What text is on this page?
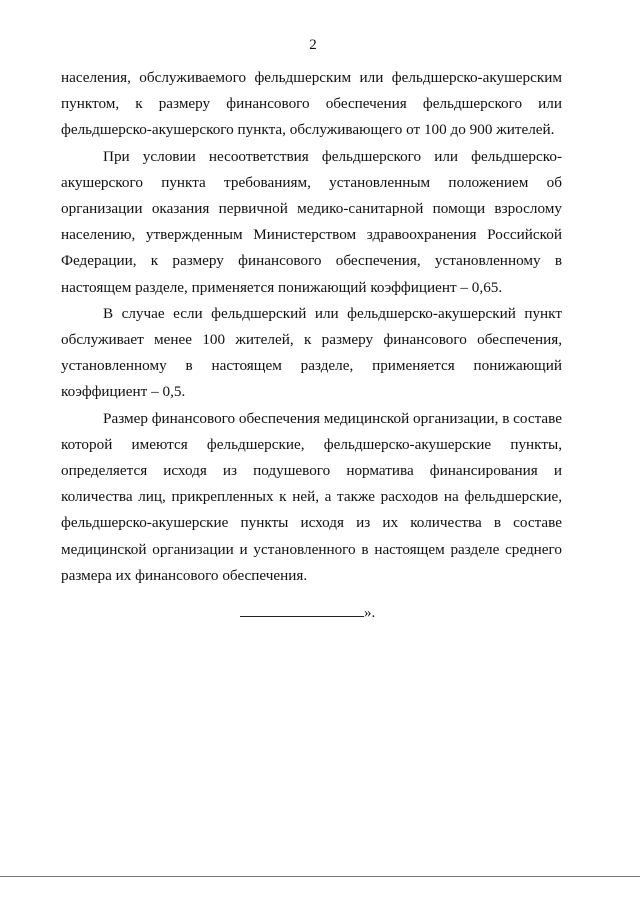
2

населения, обслуживаемого фельдшерским или фельдшерско-акушерским пунктом, к размеру финансового обеспечения фельдшерского или фельдшерско-акушерского пункта, обслуживающего от 100 до 900 жителей.

При условии несоответствия фельдшерского или фельдшерско-акушерского пункта требованиям, установленным положением об организации оказания первичной медико-санитарной помощи взрослому населению, утвержденным Министерством здравоохранения Российской Федерации, к размеру финансового обеспечения, установленному в настоящем разделе, применяется понижающий коэффициент – 0,65.

В случае если фельдшерский или фельдшерско-акушерский пункт обслуживает менее 100 жителей, к размеру финансового обеспечения, установленному в настоящем разделе, применяется понижающий коэффициент – 0,5.

Размер финансового обеспечения медицинской организации, в составе которой имеются фельдшерские, фельдшерско-акушерские пункты, определяется исходя из подушевого норматива финансирования и количества лиц, прикрепленных к ней, а также расходов на фельдшерские, фельдшерско-акушерские пункты исходя из их количества в составе медицинской организации и установленного в настоящем разделе среднего размера их финансового обеспечения.

».
